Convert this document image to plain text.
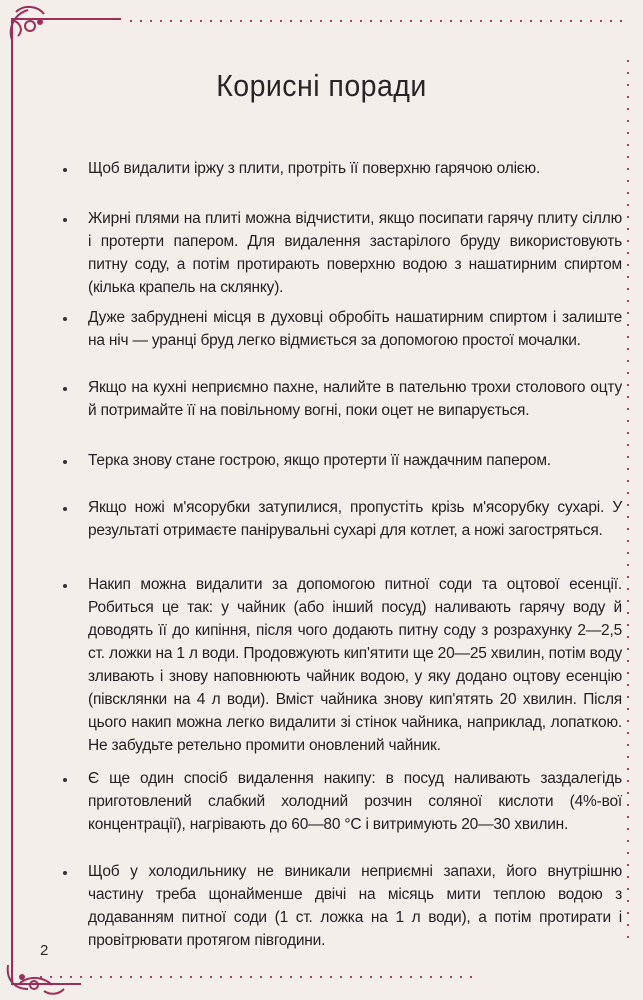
Корисні поради
Щоб видалити іржу з плити, протріть її поверхню гарячою олією.
Жирні плями на плиті можна відчистити, якщо посипати гарячу плиту сіллю і протерти папером. Для видалення застарілого бруду використовують питну соду, а потім протирають поверхню водою з нашатирним спиртом (кілька крапель на склянку).
Дуже забруднені місця в духовці обробіть нашатирним спиртом і залиште на ніч — уранці бруд легко відмиється за допомогою простої мочалки.
Якщо на кухні неприємно пахне, налийте в пательню трохи столового оцту й потримайте її на повільному вогні, поки оцет не випарується.
Терка знову стане гострою, якщо протерти її наждачним папером.
Якщо ножі м'ясорубки затупилися, пропустіть крізь м'ясорубку сухарі. У результаті отримаєте панірувальні сухарі для котлет, а ножі загостряться.
Накип можна видалити за допомогою питної соди та оцтової есенції. Робиться це так: у чайник (або інший посуд) наливають гарячу воду й доводять її до кипіння, після чого додають питну соду з розрахунку 2—2,5 ст. ложки на 1 л води. Продовжують кип'ятити ще 20—25 хвилин, потім воду зливають і знову наповнюють чайник водою, у яку додано оцтову есенцію (півсклянки на 4 л води). Вміст чайника знову кип'ятять 20 хвилин. Після цього накип можна легко видалити зі стінок чайника, наприклад, лопаткою. Не забудьте ретельно промити оновлений чайник.
Є ще один спосіб видалення накипу: в посуд наливають заздалегідь приготовлений слабкий холодний розчин соляної кислоти (4%-вої концентрації), нагрівають до 60—80 °С і витримують 20—30 хвилин.
Щоб у холодильнику не виникали неприємні запахи, його внутрішню частину треба щонайменше двічі на місяць мити теплою водою з додаванням питної соди (1 ст. ложка на 1 л води), а потім протирати і провітрювати протягом півгодини.
2
